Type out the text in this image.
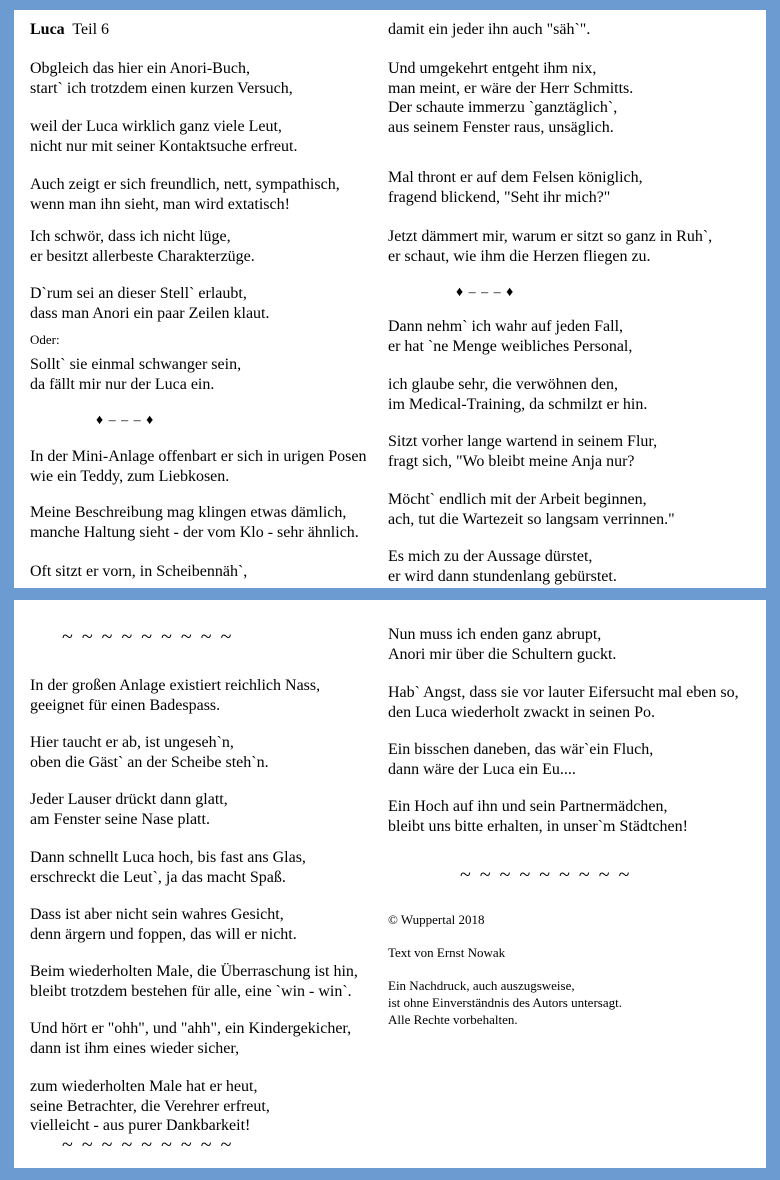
Luca Teil 6
Obgleich das hier ein Anori-Buch,
start` ich trotzdem einen kurzen Versuch,
weil der Luca wirklich ganz viele Leut,
nicht nur mit seiner Kontaktsuche erfreut.
Auch zeigt er sich freundlich, nett, sympathisch,
wenn man ihn sieht, man wird extatisch!
Ich schwör, dass ich nicht lüge,
er besitzt allerbeste Charakterzüge.
D`rum sei an dieser Stell` erlaubt,
dass man Anori ein paar Zeilen klaut.
Oder:
Sollt` sie einmal schwanger sein,
da fällt mir nur der Luca ein.
♦ – – – ♦
In der Mini-Anlage offenbart er sich in urigen Posen
wie ein Teddy, zum Liebkosen.
Meine Beschreibung mag klingen etwas dämlich,
manche Haltung sieht - der vom Klo - sehr ähnlich.
Oft sitzt er vorn, in Scheibennäh`,
damit ein jeder ihn auch "säh`".
Und umgekehrt entgeht ihm nix,
man meint, er wäre der Herr Schmitts.
Der schaute immerzu `ganztäglich`,
aus seinem Fenster raus, unsäglich.
Mal thront er auf dem Felsen königlich,
fragend blickend, "Seht ihr mich?"
Jetzt dämmert mir, warum er sitzt so ganz in Ruh`,
er schaut, wie ihm die Herzen fliegen zu.
♦ – – – ♦
Dann nehm` ich wahr auf jeden Fall,
er hat `ne Menge weibliches Personal,
ich glaube sehr, die verwöhnen den,
im Medical-Training, da schmilzt er hin.
Sitzt vorher lange wartend in seinem Flur,
fragt sich, "Wo bleibt meine Anja nur?
Möcht` endlich mit der Arbeit beginnen,
ach, tut die Wartezeit so langsam verrinnen."
Es mich zu der Aussage dürstet,
er wird dann stundenlang gebürstet.
~ ~ ~ ~ ~ ~ ~ ~ ~
In der großen Anlage existiert reichlich Nass,
geeignet für einen Badespass.
Hier taucht er ab, ist ungeseh`n,
oben die Gäst` an der Scheibe steh`n.
Jeder Lauser drückt dann glatt,
am Fenster seine Nase platt.
Dann schnellt Luca hoch, bis fast ans Glas,
erschreckt die Leut`, ja das macht Spaß.
Dass ist aber nicht sein wahres Gesicht,
denn ärgern und foppen, das will er nicht.
Beim wiederholten Male, die Überraschung ist hin,
bleibt trotzdem bestehen für alle, eine `win - win`.
Und hört er "ohh", und "ahh", ein Kindergekicher,
dann ist ihm eines wieder sicher,
zum wiederholten Male hat er heut,
seine Betrachter, die Verehrer erfreut,
vielleicht - aus purer Dankbarkeit!
~ ~ ~ ~ ~ ~ ~ ~ ~
Nun muss ich enden ganz abrupt,
Anori mir über die Schultern guckt.
Hab` Angst, dass sie vor lauter Eifersucht mal eben so,
den Luca wiederholt zwackt in seinen Po.
Ein bisschen daneben, das wär`ein Fluch,
dann wäre der Luca ein Eu....
Ein Hoch auf ihn und sein Partnermädchen,
bleibt uns bitte erhalten, in unser`m Städtchen!
~ ~ ~ ~ ~ ~ ~ ~ ~
© Wuppertal 2018
Text von Ernst Nowak
Ein Nachdruck, auch auszugsweise,
ist ohne Einverständnis des Autors untersagt.
Alle Rechte vorbehalten.
